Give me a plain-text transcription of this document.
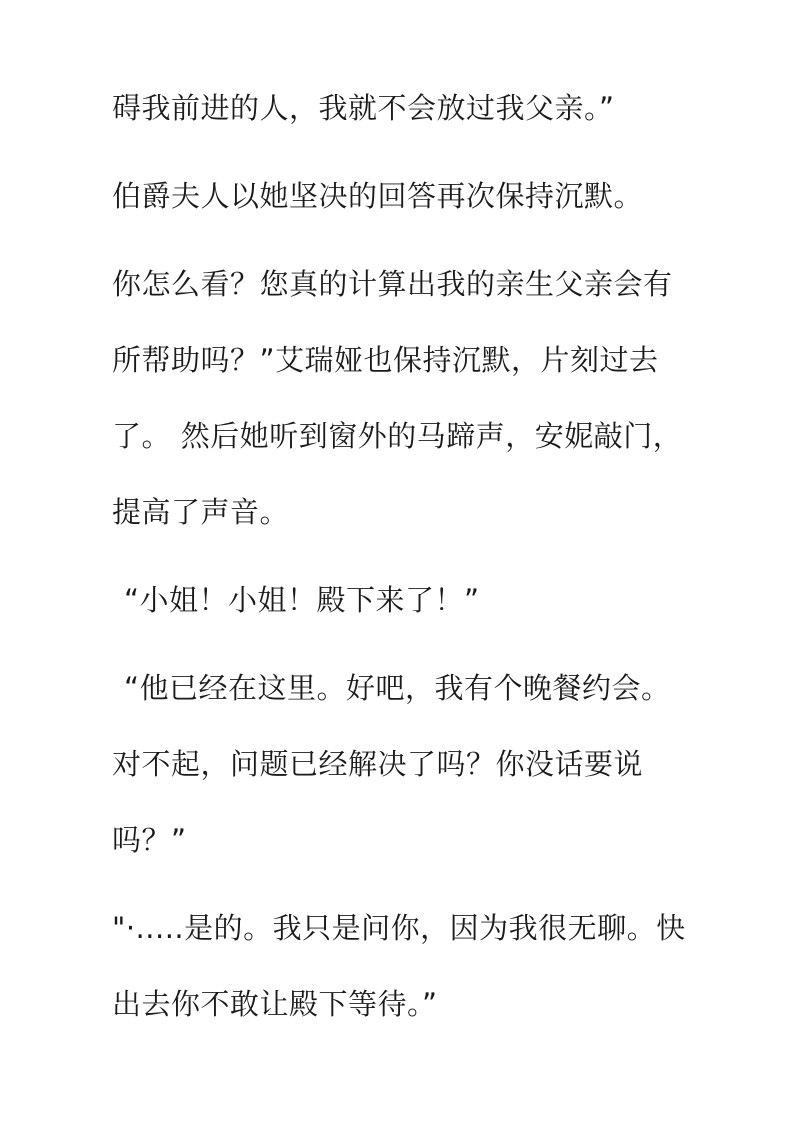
碍我前进的人，我就不会放过我父亲。”
伯爵夫人以她坚决的回答再次保持沉默。
你怎么看？您真的计算出我的亲生父亲会有
所帮助吗？”艾瑞娅也保持沉默，片刻过去
了。 然后她听到窗外的马蹄声，安妮敲门，
提高了声音。
“小姐！小姐！殿下来了！”
“他已经在这里。好吧，我有个晚餐约会。
对不起，问题已经解决了吗？你没话要说
吗？”
"·.....是的。我只是问你，因为我很无聊。快
出去你不敢让殿下等待。”
